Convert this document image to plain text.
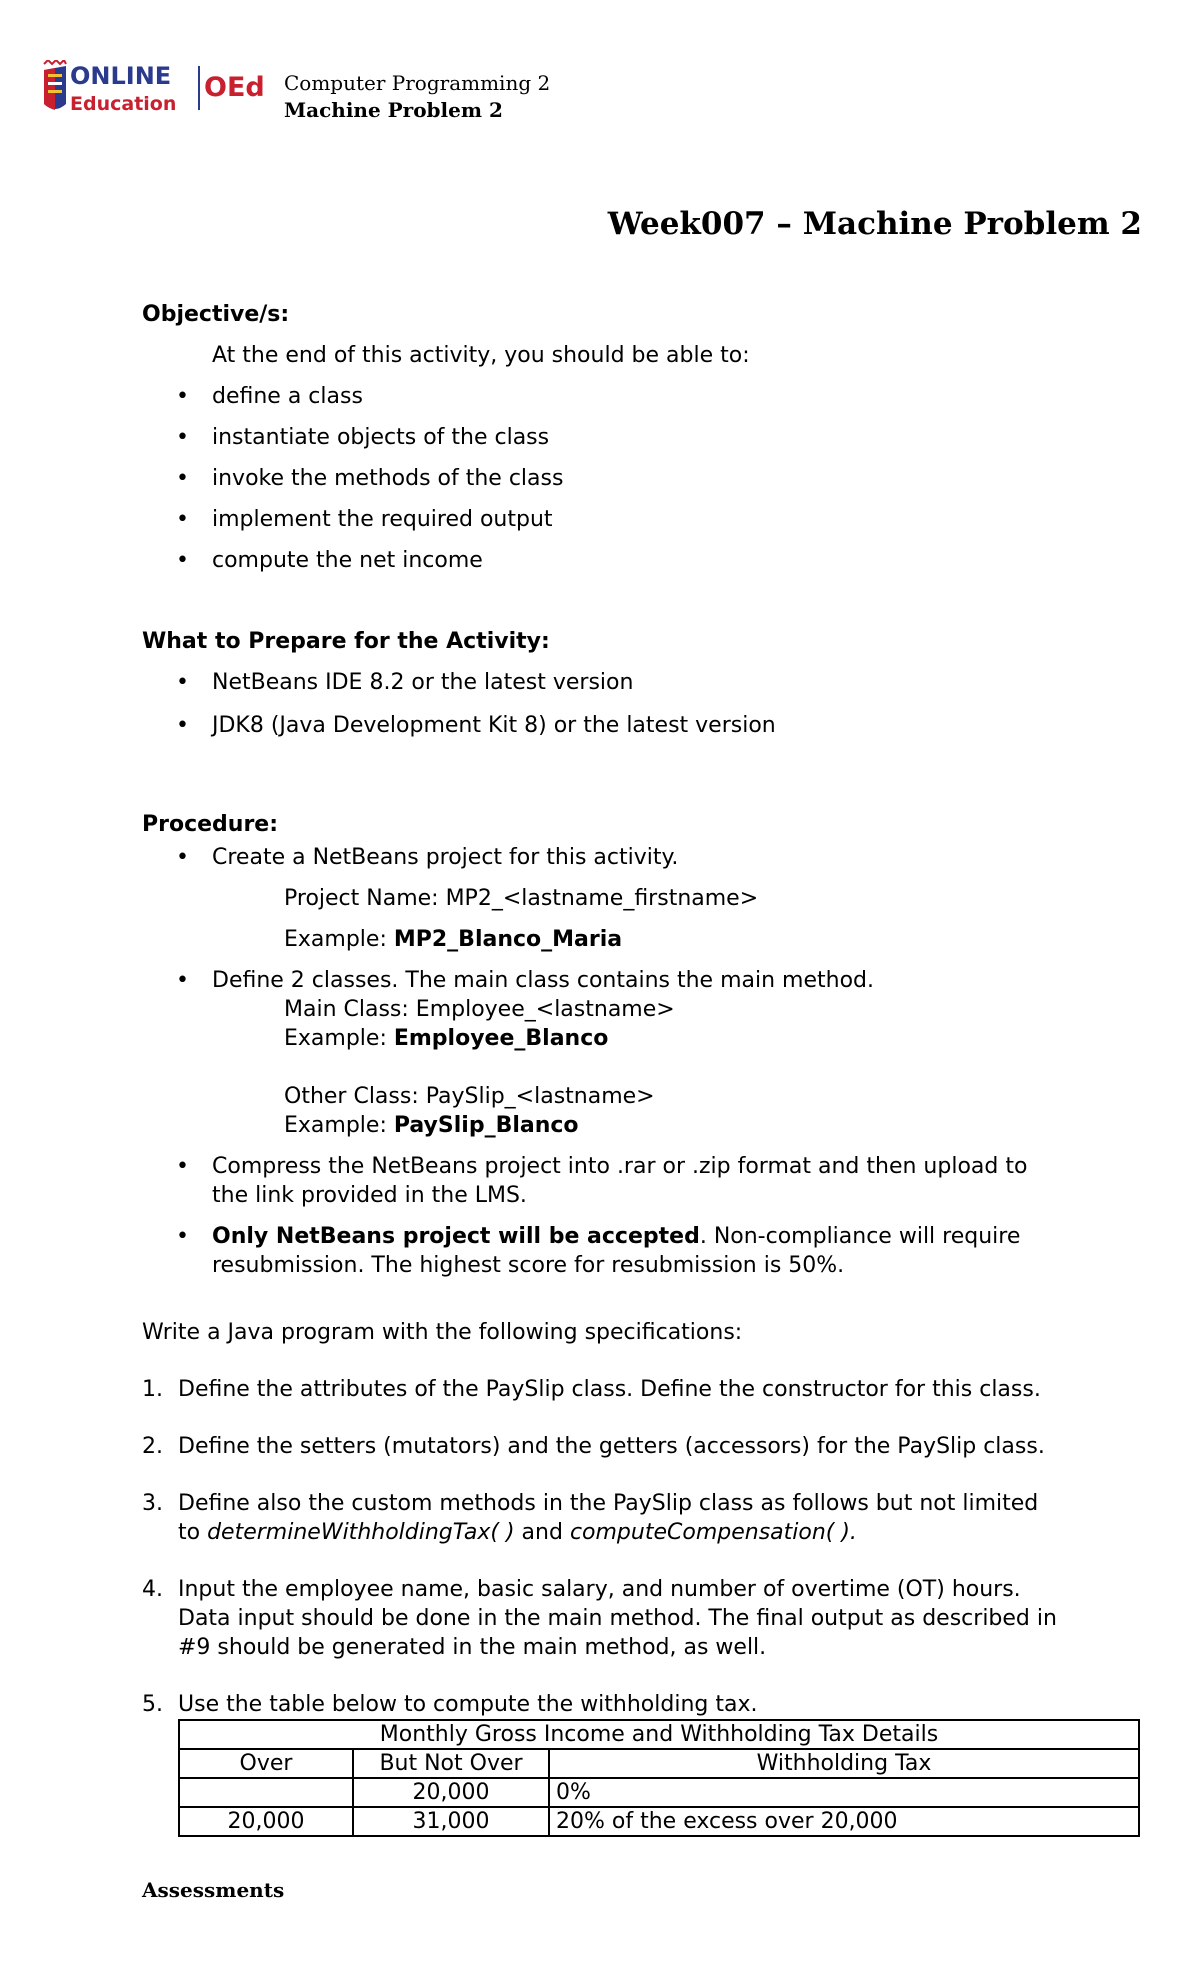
ONLINE
Education
OEd Computer Programming 2
Machine Problem 2
Week007 – Machine Problem 2

Objective/s:

At the end of this activity, you should be able to:

• define a class
• instantiate objects of the class
• invoke the methods of the class
• implement the required output
• compute the net income

What to Prepare for the Activity:

• NetBeans IDE 8.2 or the latest version
• JDK8 (Java Development Kit 8) or the latest version

Procedure:

• Create a NetBeans project for this activity.

Project Name: MP2_<lastname_firstname>

Example: MP2_Blanco_Maria

• Define 2 classes. The main class contains the main method.

Main Class: Employee_<lastname>

Example: Employee_Blanco

Other Class: PaySlip_<lastname>

Example: PaySlip_Blanco

• Compress the NetBeans project into .rar or .zip format and then upload to
the link provided in the LMS.
• Only NetBeans project will be accepted. Non-compliance will require
resubmission. The highest score for resubmission is 50%.

Write a Java program with the following specifications:

1. Define the attributes of the PaySlip class. Define the constructor for this class.
2. Define the setters (mutators) and the getters (accessors) for the PaySlip class.
3. Define also the custom methods in the PaySlip class as follows but not limited
to determineWithholdingTax( ) and computeCompensation( ).
4. Input the employee name, basic salary, and number of overtime (OT) hours.
Data input should be done in the main method. The final output as described in
#9 should be generated in the main method, as well.
5. Use the table below to compute the withholding tax.
Monthly Gross Income and Withholding Tax Details		
Over	But Not Over	Withholding Tax
	20,000	0%
20,000	31,000	20% of the excess over 20,000
Assessments
